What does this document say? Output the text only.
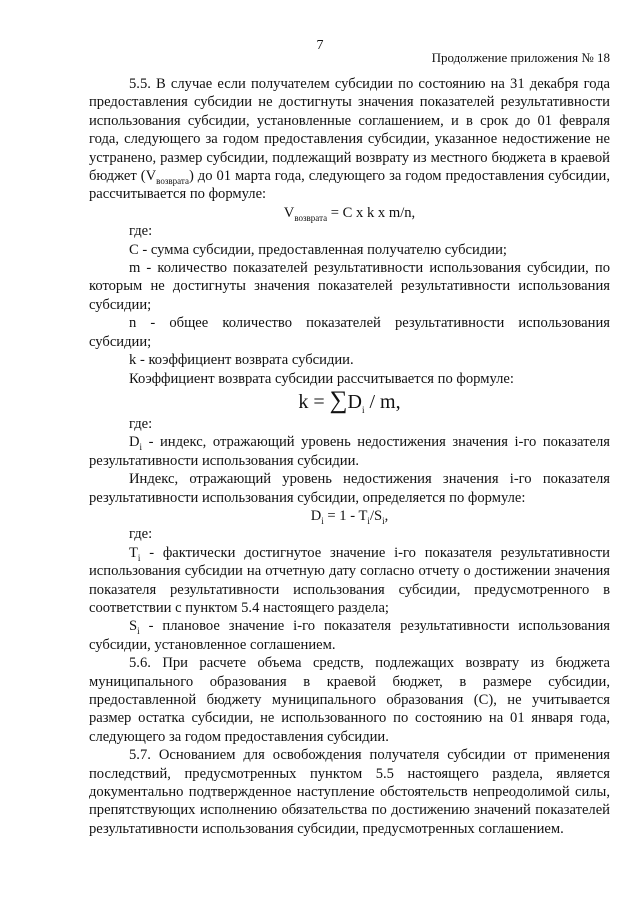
7
Продолжение приложения № 18

5.5. В случае если получателем субсидии по состоянию на 31 декабря года предоставления субсидии не достигнуты значения показателей результативности использования субсидии, установленные соглашением, и в срок до 01 февраля года, следующего за годом предоставления субсидии, указанное недостижение не устранено, размер субсидии, подлежащий возврату из местного бюджета в краевой бюджет $(V_{возврата})$ до 01 марта года, следующего за годом предоставления субсидии, рассчитывается по формуле:

$V_{возврата} = С$ х k х m/n,

где:

С - сумма субсидии, предоставленная получателю субсидии;

m - количество показателей результативности использования субсидии, по которым не достигнуты значения показателей результативности использования субсидии;

n - общее количество показателей результативности использования субсидии;

k - коэффициент возврата субсидии.

Коэффициент возврата субсидии рассчитывается по формуле:

$k = \sum D_i / m$,

где:

$D_i$ - индекс, отражающий уровень недостижения значения i-го показателя результативности использования субсидии.

Индекс, отражающий уровень недостижения значения i-го показателя результативности использования субсидии, определяется по формуле:

$D_i = 1 - T_i/S_i$,

где:

$T_i$ - фактически достигнутое значение i-го показателя результативности использования субсидии на отчетную дату согласно отчету о достижении значения показателя результативности использования субсидии, предусмотренного в соответствии с пунктом 5.4 настоящего раздела;

$S_i$ - плановое значение i-го показателя результативности использования субсидии, установленное соглашением.

5.6. При расчете объема средств, подлежащих возврату из бюджета муниципального образования в краевой бюджет, в размере субсидии, предоставленной бюджету муниципального образования (С), не учитывается размер остатка субсидии, не использованного по состоянию на 01 января года, следующего за годом предоставления субсидии.

5.7. Основанием для освобождения получателя субсидии от применения последствий, предусмотренных пунктом 5.5 настоящего раздела, является документально подтвержденное наступление обстоятельств непреодолимой силы, препятствующих исполнению обязательства по достижению значений показателей результативности использования субсидии, предусмотренных соглашением.
